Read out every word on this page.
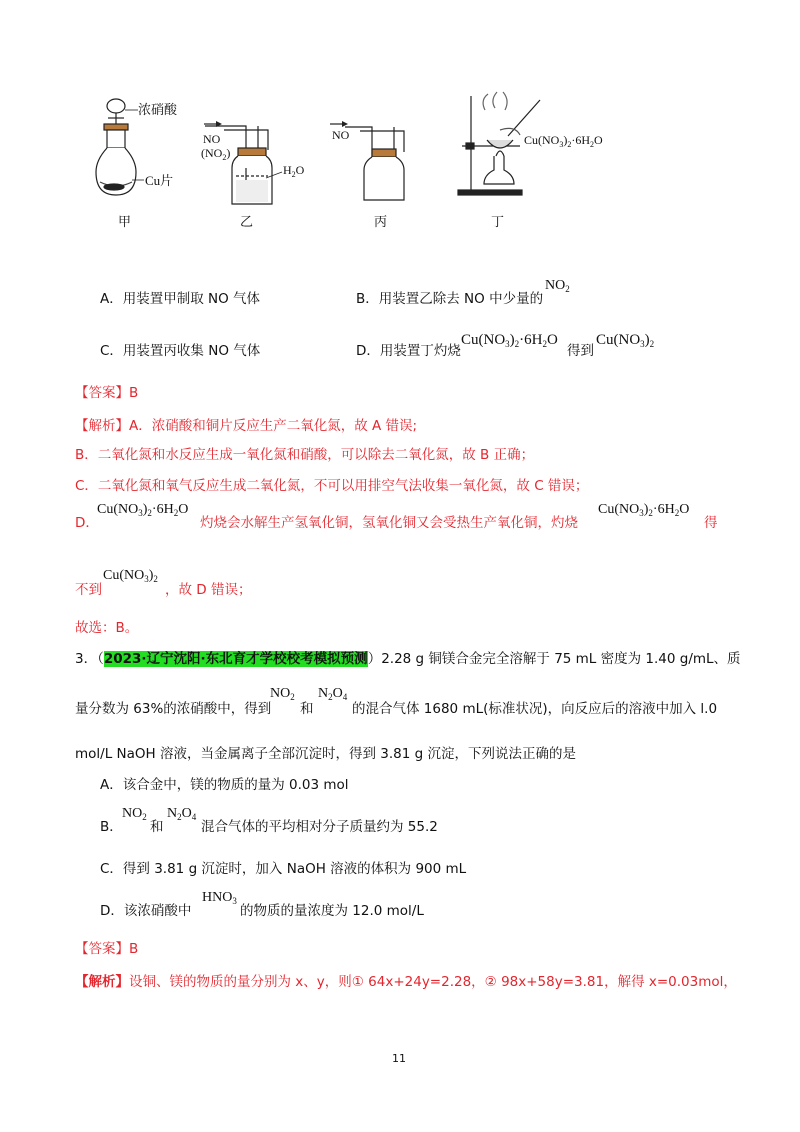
浓硝酸
Cu片
NO
$(NO_2)$
$H_2O$
NO	$Cu(NO_3)_2\cdot 6H_2O$
甲	乙	丙	丁
A．用装置甲制取 NO 气体	B．用装置乙除去 NO 中少量的
$NO_2$
C．用装置丙收集 NO 气体	D．用装置丁灼烧
$Cu(NO_3)_2\cdot 6H_2O$
得到
$Cu(NO_3)_2$
【答案】B
【解析】A．浓硝酸和铜片反应生产二氧化氮，故 A 错误;
B．二氧化氮和水反应生成一氧化氮和硝酸，可以除去二氧化氮，故 B 正确；
C．二氧化氮和氧气反应生成二氧化氮，不可以用排空气法收集一氧化氮，故 C 错误；
D．
$Cu(NO_3)_2\cdot 6H_2O$
灼烧会水解生产氢氧化铜，氢氧化铜又会受热生产氧化铜，灼烧
$Cu(NO_3)_2\cdot 6H_2O$
得
不到
$Cu(NO_3)_2$
，故 D 错误；
故选：B。
3．（2023·辽宁沈阳·东北育才学校校考模拟预测）2.28 g 铜镁合金完全溶解于 75 mL 密度为 1.40 g/mL、质
量分数为 63%的浓硝酸中，得到
$NO_2$
和
$N_2O_4$
的混合气体 1680 mL(标准状况)，向反应后的溶液中加入 l.0
mol/L NaOH 溶液，当金属离子全部沉淀时，得到 3.81 g 沉淀，下列说法正确的是
A．该合金中，镁的物质的量为 0.03 mol
B．
$NO_2$
和
$N_2O_4$
混合气体的平均相对分子质量约为 55.2
C．得到 3.81 g 沉淀时，加入 NaOH 溶液的体积为 900 mL
D．该浓硝酸中
$HNO_3$
的物质的量浓度为 12.0 mol/L
【答案】B
【解析】设铜、镁的物质的量分别为 x、y，则① 64x+24y=2.28，② 98x+58y=3.81，解得 x=0.03mol，
11
